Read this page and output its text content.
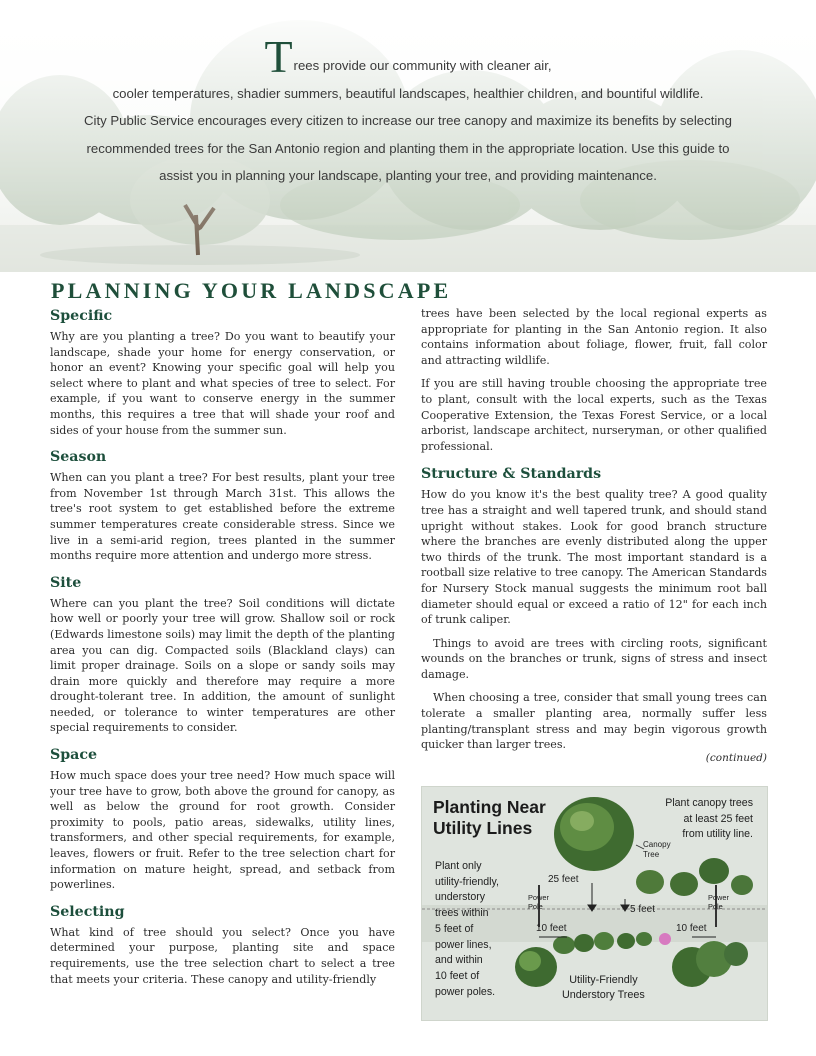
Trees provide our community with cleaner air,
cooler temperatures, shadier summers, beautiful landscapes, healthier children, and bountiful wildlife.
City Public Service encourages every citizen to increase our tree canopy and maximize its benefits by selecting
recommended trees for the San Antonio region and planting them in the appropriate location. Use this guide to
assist you in planning your landscape, planting your tree, and providing maintenance.
PLANNING YOUR LANDSCAPE
Specific

Why are you planting a tree? Do you want to beautify your landscape, shade your home for energy conservation, or honor an event? Knowing your specific goal will help you select where to plant and what species of tree to select. For example, if you want to conserve energy in the summer months, this requires a tree that will shade your roof and sides of your house from the summer sun.

Season

When can you plant a tree? For best results, plant your tree from November 1st through March 31st. This allows the tree's root system to get established before the extreme summer temperatures create considerable stress. Since we live in a semi-arid region, trees planted in the summer months require more attention and undergo more stress.

Site

Where can you plant the tree? Soil conditions will dictate how well or poorly your tree will grow. Shallow soil or rock (Edwards limestone soils) may limit the depth of the planting area you can dig. Compacted soils (Blackland clays) can limit proper drainage. Soils on a slope or sandy soils may drain more quickly and therefore may require a more drought-tolerant tree. In addition, the amount of sunlight needed, or tolerance to winter temperatures are other special requirements to consider.

Space

How much space does your tree need? How much space will your tree have to grow, both above the ground for canopy, as well as below the ground for root growth. Consider proximity to pools, patio areas, sidewalks, utility lines, transformers, and other special requirements, for example, leaves, flowers or fruit. Refer to the tree selection chart for information on mature height, spread, and setback from powerlines.

Selecting

What kind of tree should you select? Once you have determined your purpose, planting site and space requirements, use the tree selection chart to select a tree that meets your criteria. These canopy and utility-friendly

trees have been selected by the local regional experts as appropriate for planting in the San Antonio region. It also contains information about foliage, flower, fruit, fall color and attracting wildlife.

If you are still having trouble choosing the appropriate tree to plant, consult with the local experts, such as the Texas Cooperative Extension, the Texas Forest Service, or a local arborist, landscape architect, nurseryman, or other qualified professional.

Structure & Standards

How do you know it's the best quality tree? A good quality tree has a straight and well tapered trunk, and should stand upright without stakes. Look for good branch structure where the branches are evenly distributed along the upper two thirds of the trunk. The most important standard is a rootball size relative to tree canopy. The American Standards for Nursery Stock manual suggests the minimum root ball diameter should equal or exceed a ratio of 12" for each inch of trunk caliper.

Things to avoid are trees with circling roots, significant wounds on the branches or trunk, signs of stress and insect damage.

When choosing a tree, consider that small young trees can tolerate a smaller planting area, normally suffer less planting/transplant stress and may begin vigorous growth quicker than larger trees.

(continued)

Planting Near
Utility Lines
Plant canopy trees
at least 25 feet
from utility line.
Canopy
Tree
Plant only
utility-friendly,
understory
trees within
5 feet of
power lines,
and within
10 feet of
power poles.
Power
Pole
Power
Pole
25 feet
5 feet
10 feet	10 feet
Utility-Friendly
Understory Trees
